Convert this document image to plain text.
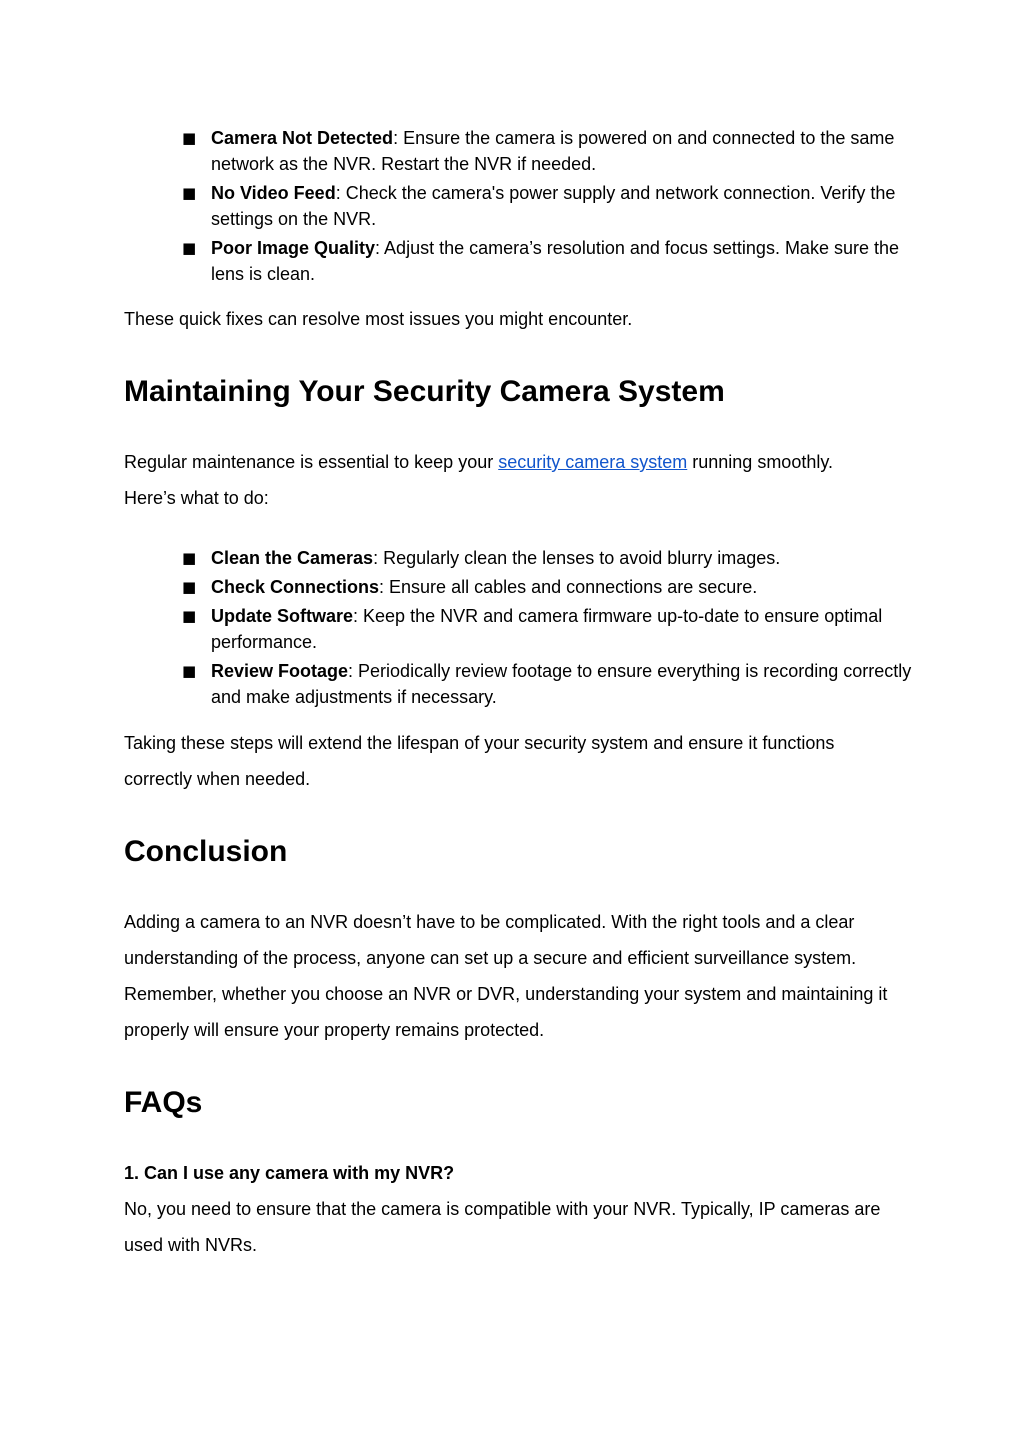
■ Camera Not Detected: Ensure the camera is powered on and connected to the same network as the NVR. Restart the NVR if needed.
■ No Video Feed: Check the camera's power supply and network connection. Verify the settings on the NVR.
■ Poor Image Quality: Adjust the camera’s resolution and focus settings. Make sure the lens is clean.

These quick fixes can resolve most issues you might encounter.

Maintaining Your Security Camera System

Regular maintenance is essential to keep your security camera system running smoothly. Here’s what to do:

■ Clean the Cameras: Regularly clean the lenses to avoid blurry images.
■ Check Connections: Ensure all cables and connections are secure.
■ Update Software: Keep the NVR and camera firmware up-to-date to ensure optimal performance.
■ Review Footage: Periodically review footage to ensure everything is recording correctly and make adjustments if necessary.

Taking these steps will extend the lifespan of your security system and ensure it functions correctly when needed.

Conclusion

Adding a camera to an NVR doesn’t have to be complicated. With the right tools and a clear understanding of the process, anyone can set up a secure and efficient surveillance system. Remember, whether you choose an NVR or DVR, understanding your system and maintaining it properly will ensure your property remains protected.

FAQs
1. Can I use any camera with my NVR?

No, you need to ensure that the camera is compatible with your NVR. Typically, IP cameras are used with NVRs.
